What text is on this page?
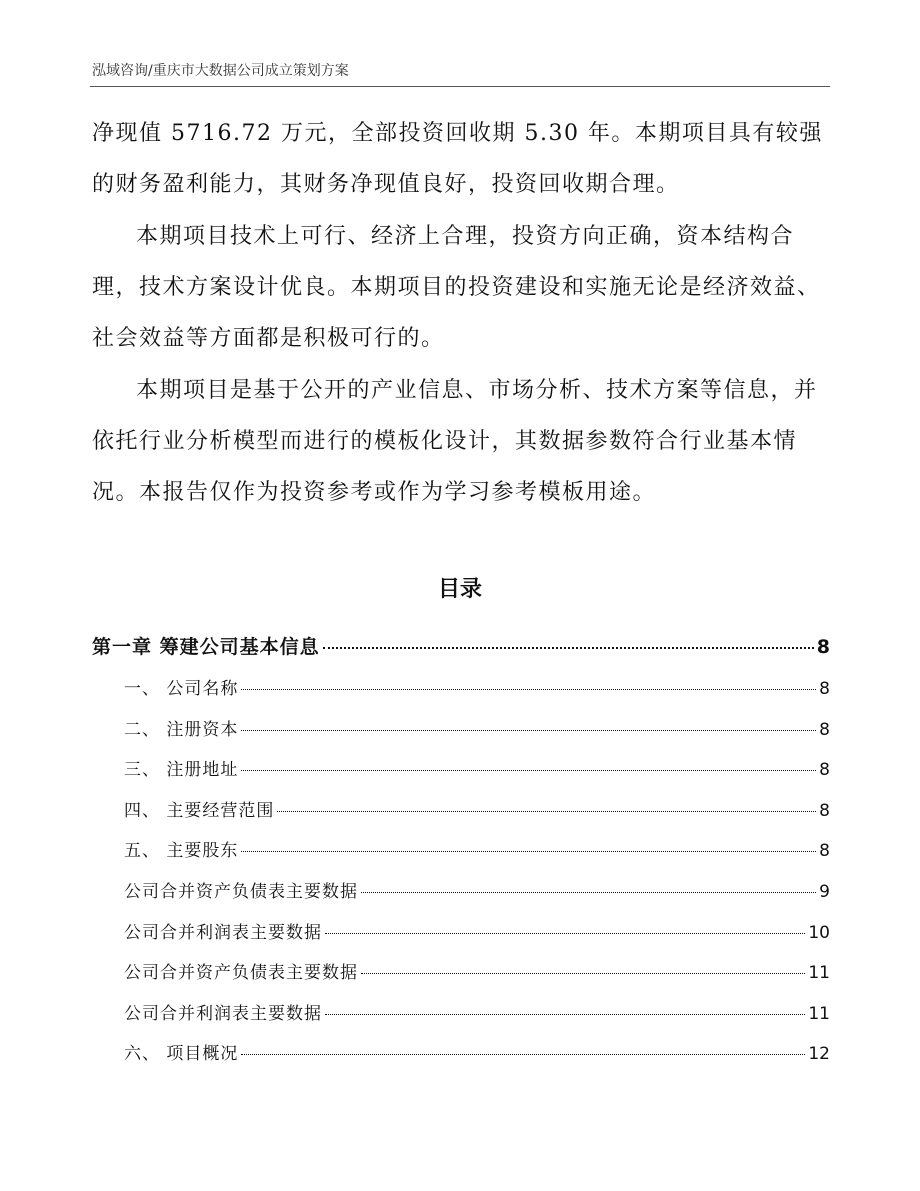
泓域咨询/重庆市大数据公司成立策划方案

净现值 5716.72 万元，全部投资回收期 5.30 年。本期项目具有较强的财务盈利能力，其财务净现值良好，投资回收期合理。

本期项目技术上可行、经济上合理，投资方向正确，资本结构合理，技术方案设计优良。本期项目的投资建设和实施无论是经济效益、社会效益等方面都是积极可行的。

本期项目是基于公开的产业信息、市场分析、技术方案等信息，并依托行业分析模型而进行的模板化设计，其数据参数符合行业基本情况。本报告仅作为投资参考或作为学习参考模板用途。

目录
第一章 筹建公司基本信息	8
一、 公司名称	8
二、 注册资本	8
三、 注册地址	8
四、 主要经营范围	8
五、 主要股东	8
公司合并资产负债表主要数据	9
公司合并利润表主要数据	10
公司合并资产负债表主要数据	11
公司合并利润表主要数据	11
六、 项目概况	12
